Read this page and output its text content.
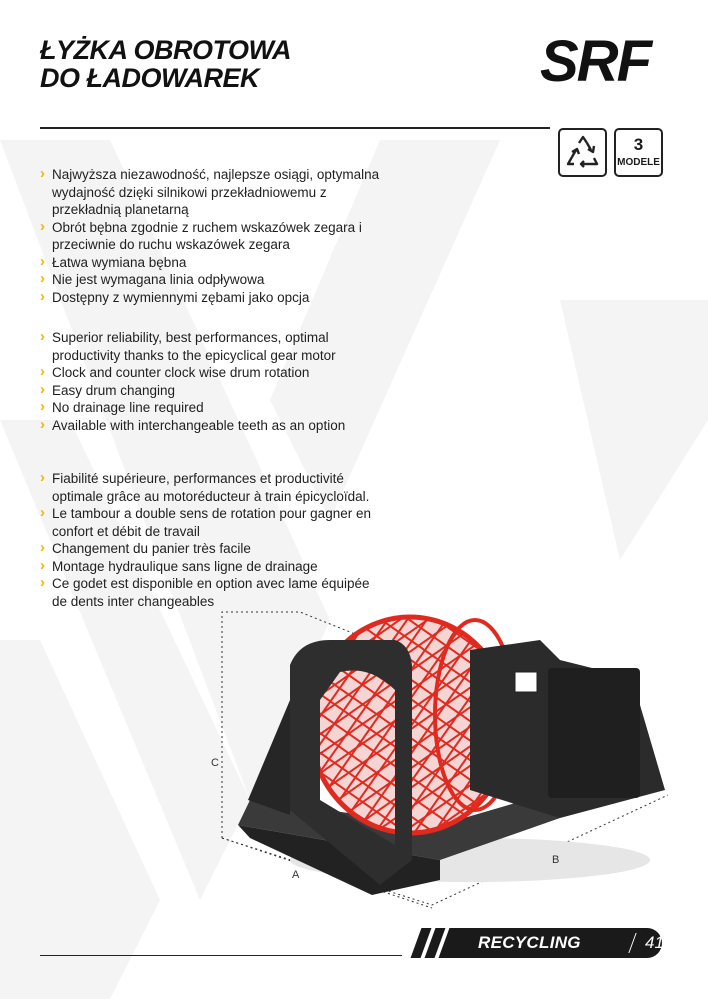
ŁYŻKA OBROTOWA
DO ŁADOWAREK	SRF
3
MODELE
› Najwyższa niezawodność, najlepsze osiągi, optymalna wydajność dzięki silnikowi przekładniowemu z przekładnią planetarną
› Obrót bębna zgodnie z ruchem wskazówek zegara i przeciwnie do ruchu wskazówek zegara
› Łatwa wymiana bębna
› Nie jest wymagana linia odpływowa
› Dostępny z wymiennymi zębami jako opcja
› Superior reliability, best performances, optimal productivity thanks to the epicyclical gear motor
› Clock and counter clock wise drum rotation
› Easy drum changing
› No drainage line required
› Available with interchangeable teeth as an option
› Fiabilité supérieure, performances et productivité optimale grâce au motoréducteur à train épicycloïdal.
› Le tambour a double sens de rotation pour gagner en confort et débit de travail
› Changement du panier très facile
› Montage hydraulique sans ligne de drainage
› Ce godet est disponible en option avec lame équipée de dents inter changeables
C
A
B
RECYCLING	41
